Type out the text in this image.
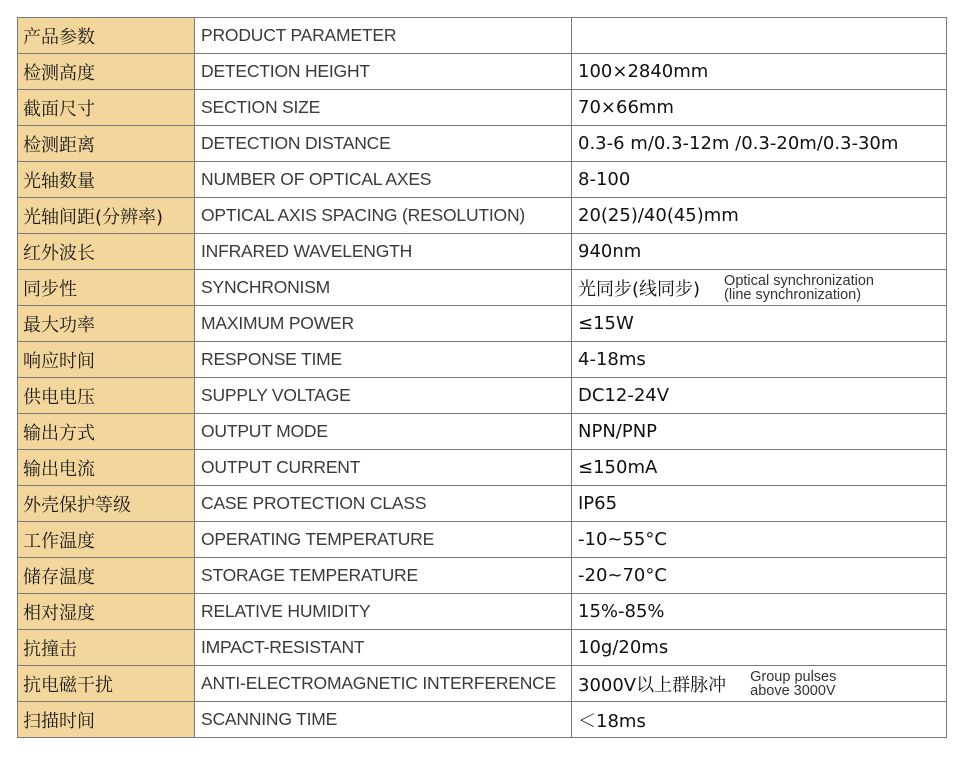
产品参数	PRODUCT PARAMETER	
检测高度	DETECTION HEIGHT	100×2840mm
截面尺寸	SECTION SIZE	70×66mm
检测距离	DETECTION DISTANCE	0.3-6 m/0.3-12m /0.3-20m/0.3-30m
光轴数量	NUMBER OF OPTICAL AXES	8-100
光轴间距(分辨率)	OPTICAL AXIS SPACING (RESOLUTION)	20(25)/40(45)mm
红外波长	INFRARED WAVELENGTH	940nm
同步性	SYNCHRONISM	光同步(线同步) Optical synchronization
(line synchronization)

最大功率	MAXIMUM POWER	≤15W
响应时间	RESPONSE TIME	4-18ms
供电电压	SUPPLY VOLTAGE	DC12-24V
输出方式	OUTPUT MODE	NPN/PNP
输出电流	OUTPUT CURRENT	≤150mA
外壳保护等级	CASE PROTECTION CLASS	IP65
工作温度	OPERATING TEMPERATURE	-10~55°C
储存温度	STORAGE TEMPERATURE	-20~70°C
相对湿度	RELATIVE HUMIDITY	15%-85%
抗撞击	IMPACT-RESISTANT	10g/20ms
抗电磁干扰	ANTI-ELECTROMAGNETIC INTERFERENCE	3000V以上群脉冲 Group pulses
above 3000V

扫描时间	SCANNING TIME	＜18ms
